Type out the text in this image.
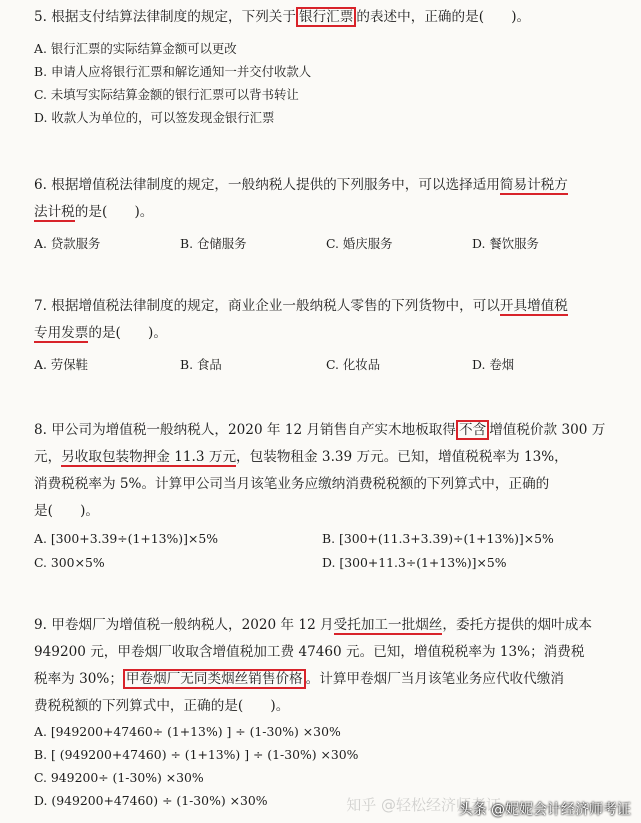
5. 根据支付结算法律制度的规定，下列关于 银行汇票 的表述中，正确的是(　　)。

A. 银行汇票的实际结算金额可以更改
B. 申请人应将银行汇票和解讫通知一并交付收款人
C. 未填写实际结算金额的银行汇票可以背书转让
D. 收款人为单位的，可以签发现金银行汇票

6. 根据增值税法律制度的规定，一般纳税人提供的下列服务中，可以选择适用简易计税方
法计税的是(　　)。

A. 贷款服务	B. 仓储服务	C. 婚庆服务	D. 餐饮服务

7. 根据增值税法律制度的规定，商业企业一般纳税人零售的下列货物中，可以开具增值税
专用发票的是(　　)。

A. 劳保鞋	B. 食品	C. 化妆品	D. 卷烟

8. 甲公司为增值税一般纳税人，2020 年 12 月销售自产实木地板取得 不含 增值税价款 300 万
元，另收取包装物押金 11.3 万元，包装物租金 3.39 万元。已知，增值税税率为 13%，
消费税税率为 5%。计算甲公司当月该笔业务应缴纳消费税税额的下列算式中，正确的
是(　　)。

A. [300+3.39÷(1+13%)]×5%	B. [300+(11.3+3.39)÷(1+13%)]×5%
C. 300×5%	D. [300+11.3÷(1+13%)]×5%

9. 甲卷烟厂为增值税一般纳税人，2020 年 12 月受托加工一批烟丝，委托方提供的烟叶成本
949200 元，甲卷烟厂收取含增值税加工费 47460 元。已知，增值税税率为 13%；消费税
税率为 30%； 甲卷烟厂无同类烟丝销售价格 。计算甲卷烟厂当月该笔业务应代收代缴消
费税税额的下列算式中，正确的是(　　)。

A. [949200+47460÷ (1+13%) ] ÷ (1-30%) ×30%
B. [ (949200+47460) ÷ (1+13%) ] ÷ (1-30%) ×30%
C. 949200÷ (1-30%) ×30%
D. (949200+47460) ÷ (1-30%) ×30%	知乎 @轻松经济师考证
头条 @妮妮会计经济师考证
